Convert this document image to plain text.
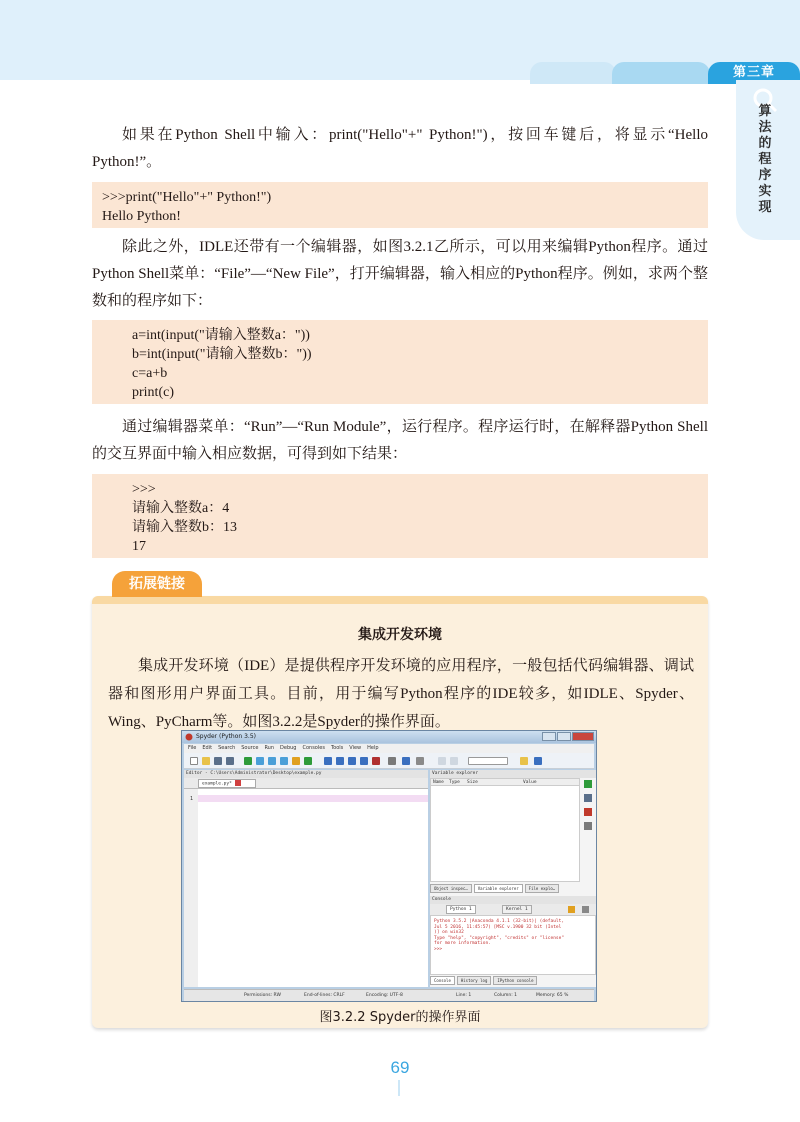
第三章
算法的程序实现
如果在Python Shell中输入：print("Hello"+" Python!")，按回车键后，将显示“Hello Python!”。
>>>print("Hello"+" Python!")
Hello Python!
除此之外，IDLE还带有一个编辑器，如图3.2.1乙所示，可以用来编辑Python程序。通过Python Shell菜单：“File”—“New File”，打开编辑器，输入相应的Python程序。例如，求两个整数和的程序如下：
a=int(input("请输入整数a："))
b=int(input("请输入整数b："))
c=a+b
print(c)
通过编辑器菜单：“Run”—“Run Module”，运行程序。程序运行时，在解释器Python Shell的交互界面中输入相应数据，可得到如下结果：
>>>
请输入整数a：4
请输入整数b：13
17
拓展链接
集成开发环境
集成开发环境（IDE）是提供程序开发环境的应用程序，一般包括代码编辑器、调试器和图形用户界面工具。目前，用于编写Python程序的IDE较多，如IDLE、Spyder、Wing、PyCharm等。如图3.2.2是Spyder的操作界面。
Spyder (Python 3.5)
File Edit Search Source Run Debug Consoles Tools View Help
Editor - C:\Users\Administrator\Desktop\example.py
example.py*
1
Variable explorer
Name Type Size	Value
Object inspec…	Variable explorer	File explo…
Console
Python 1	Kernel 1
Python 3.5.2 |Anaconda 4.1.1 (32-bit)| (default,
Jul 5 2016, 11:45:57) [MSC v.1900 32 bit (Intel
)] on win32
Type "help", "copyright", "credits" or "license"
for more information.
>>>
Console	History log	IPython console
Permissions: RW	End-of-lines: CRLF	Encoding: UTF-8	Line: 1	Column: 1	Memory: 65 %
图3.2.2 Spyder的操作界面
69
